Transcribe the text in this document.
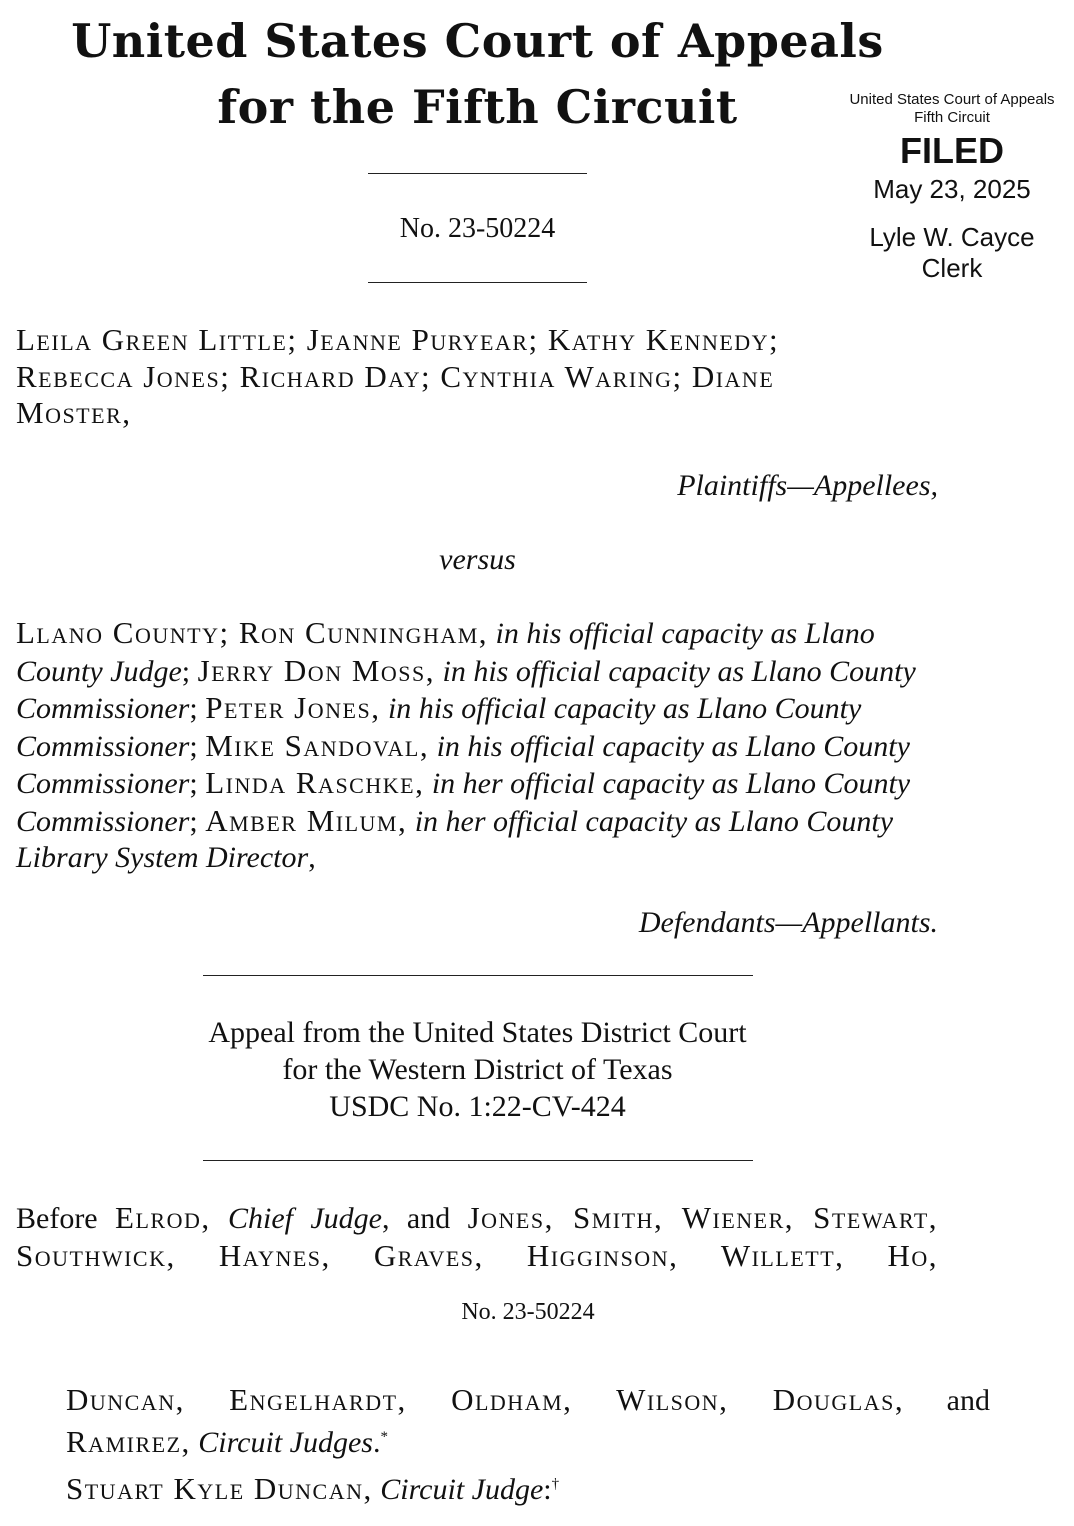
United States Court of Appeals
for the Fifth Circuit
No. 23-50224
United States Court of Appeals
Fifth Circuit
FILED
May 23, 2025
Lyle W. Cayce
Clerk
Leila Green Little; Jeanne Puryear; Kathy Kennedy;
Rebecca Jones; Richard Day; Cynthia Waring; Diane
Moster,
Plaintiffs—Appellees,
versus
Llano County; Ron Cunningham, in his official capacity as Llano
County Judge; Jerry Don Moss, in his official capacity as Llano County
Commissioner; Peter Jones, in his official capacity as Llano County
Commissioner; Mike Sandoval, in his official capacity as Llano County
Commissioner; Linda Raschke, in her official capacity as Llano County
Commissioner; Amber Milum, in her official capacity as Llano County
Library System Director,
Defendants—Appellants.
Appeal from the United States District Court
for the Western District of Texas
USDC No. 1:22-CV-424
Before Elrod, Chief Judge, and Jones, Smith, Wiener, Stewart,
Southwick, Haynes, Graves, Higginson, Willett, Ho,
No. 23-50224
Duncan, Engelhardt, Oldham, Wilson, Douglas, and
Ramirez, Circuit Judges.*
Stuart Kyle Duncan, Circuit Judge:†
